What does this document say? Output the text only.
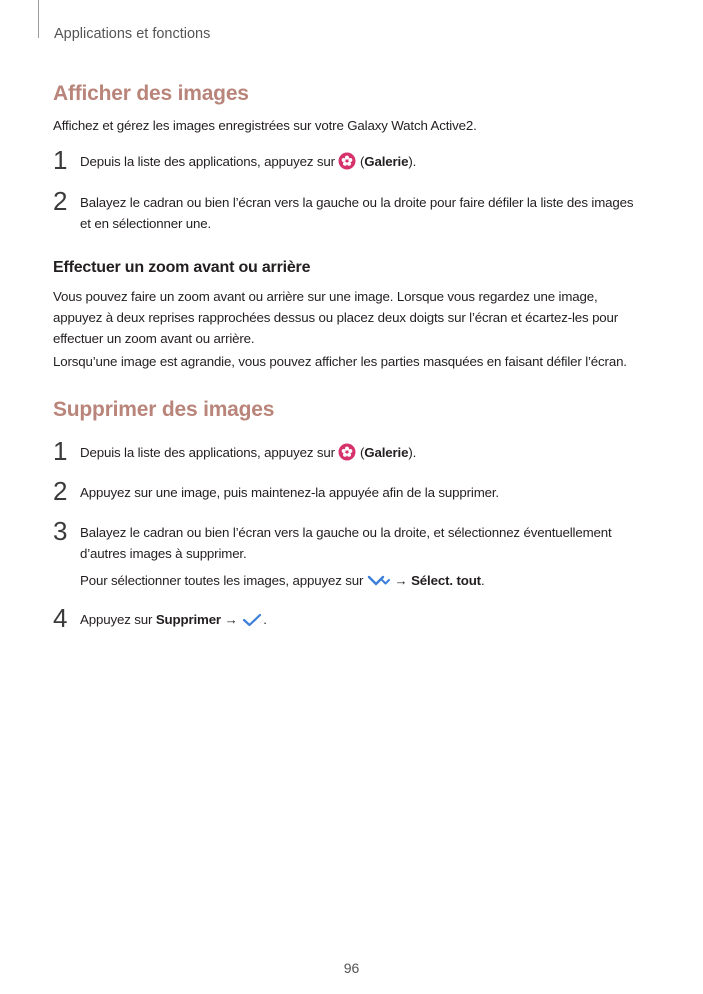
Applications et fonctions
Afficher des images
Affichez et gérez les images enregistrées sur votre Galaxy Watch Active2.
1 Depuis la liste des applications, appuyez sur  (Galerie).
2 Balayez le cadran ou bien l’écran vers la gauche ou la droite pour faire défiler la liste des images
et en sélectionner une.
Effectuer un zoom avant ou arrière
Vous pouvez faire un zoom avant ou arrière sur une image. Lorsque vous regardez une image,
appuyez à deux reprises rapprochées dessus ou placez deux doigts sur l’écran et écartez-les pour
effectuer un zoom avant ou arrière.
Lorsqu’une image est agrandie, vous pouvez afficher les parties masquées en faisant défiler l’écran.
Supprimer des images
1 Depuis la liste des applications, appuyez sur  (Galerie).
2 Appuyez sur une image, puis maintenez-la appuyée afin de la supprimer.
3 Balayez le cadran ou bien l’écran vers la gauche ou la droite, et sélectionnez éventuellement
d’autres images à supprimer.
Pour sélectionner toutes les images, appuyez sur  → Sélect. tout.
4 Appuyez sur Supprimer → .
96
